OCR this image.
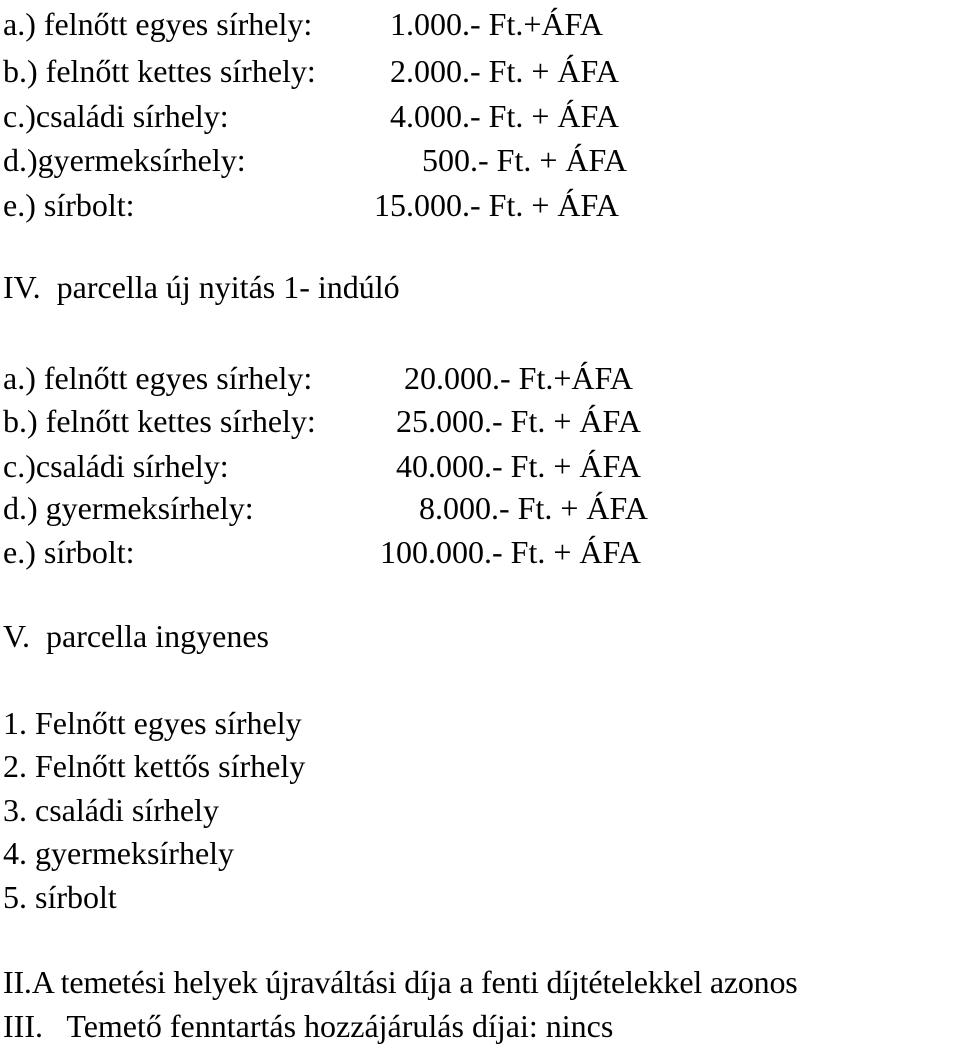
a.) felnőtt egyes sírhely: 1.000.- Ft.+ÁFA
b.) felnőtt kettes sírhely: 2.000.- Ft. + ÁFA
c.)családi sírhely:	4.000.- Ft. + ÁFA
d.)gyermeksírhely:	500.- Ft. + ÁFA
e.) sírbolt:	15.000.- Ft. + ÁFA
IV.  parcella új nyitás 1- indúló
a.) felnőtt egyes sírhely:	20.000.- Ft.+ÁFA
b.) felnőtt kettes sírhely:	25.000.- Ft. + ÁFA
c.)családi sírhely:	40.000.- Ft. + ÁFA
d.) gyermeksírhely:	8.000.- Ft. + ÁFA
e.) sírbolt:	100.000.- Ft. + ÁFA
V.  parcella ingyenes
1. Felnőtt egyes sírhely
2. Felnőtt kettős sírhely
3. családi sírhely
4. gyermeksírhely
5. sírbolt
II.A temetési helyek újraváltási díja a fenti díjtételekkel azonos
III.   Temető fenntartás hozzájárulás díjai: nincs
